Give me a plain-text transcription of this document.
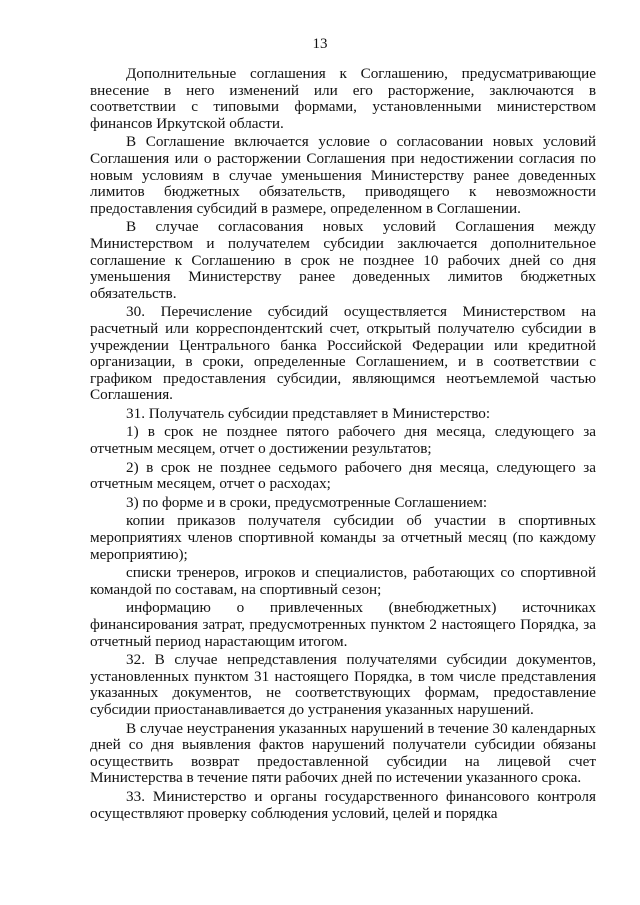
13

Дополнительные соглашения к Соглашению, предусматривающие внесение в него изменений или его расторжение, заключаются в соответствии с типовыми формами, установленными министерством финансов Иркутской области.

В Соглашение включается условие о согласовании новых условий Соглашения или о расторжении Соглашения при недостижении согласия по новым условиям в случае уменьшения Министерству ранее доведенных лимитов бюджетных обязательств, приводящего к невозможности предоставления субсидий в размере, определенном в Соглашении.

В случае согласования новых условий Соглашения между Министерством и получателем субсидии заключается дополнительное соглашение к Соглашению в срок не позднее 10 рабочих дней со дня уменьшения Министерству ранее доведенных лимитов бюджетных обязательств.

30. Перечисление субсидий осуществляется Министерством на расчетный или корреспондентский счет, открытый получателю субсидии в учреждении Центрального банка Российской Федерации или кредитной организации, в сроки, определенные Соглашением, и в соответствии с графиком предоставления субсидии, являющимся неотъемлемой частью Соглашения.

31. Получатель субсидии представляет в Министерство:

1) в срок не позднее пятого рабочего дня месяца, следующего за отчетным месяцем, отчет о достижении результатов;

2) в срок не позднее седьмого рабочего дня месяца, следующего за отчетным месяцем, отчет о расходах;

3) по форме и в сроки, предусмотренные Соглашением:

копии приказов получателя субсидии об участии в спортивных мероприятиях членов спортивной команды за отчетный месяц (по каждому мероприятию);

списки тренеров, игроков и специалистов, работающих со спортивной командой по составам, на спортивный сезон;

информацию о привлеченных (внебюджетных) источниках финансирования затрат, предусмотренных пунктом 2 настоящего Порядка, за отчетный период нарастающим итогом.

32. В случае непредставления получателями субсидии документов, установленных пунктом 31 настоящего Порядка, в том числе представления указанных документов, не соответствующих формам, предоставление субсидии приостанавливается до устранения указанных нарушений.

В случае неустранения указанных нарушений в течение 30 календарных дней со дня выявления фактов нарушений получатели субсидии обязаны осуществить возврат предоставленной субсидии на лицевой счет Министерства в течение пяти рабочих дней по истечении указанного срока.

33. Министерство и органы государственного финансового контроля осуществляют проверку соблюдения условий, целей и порядка
